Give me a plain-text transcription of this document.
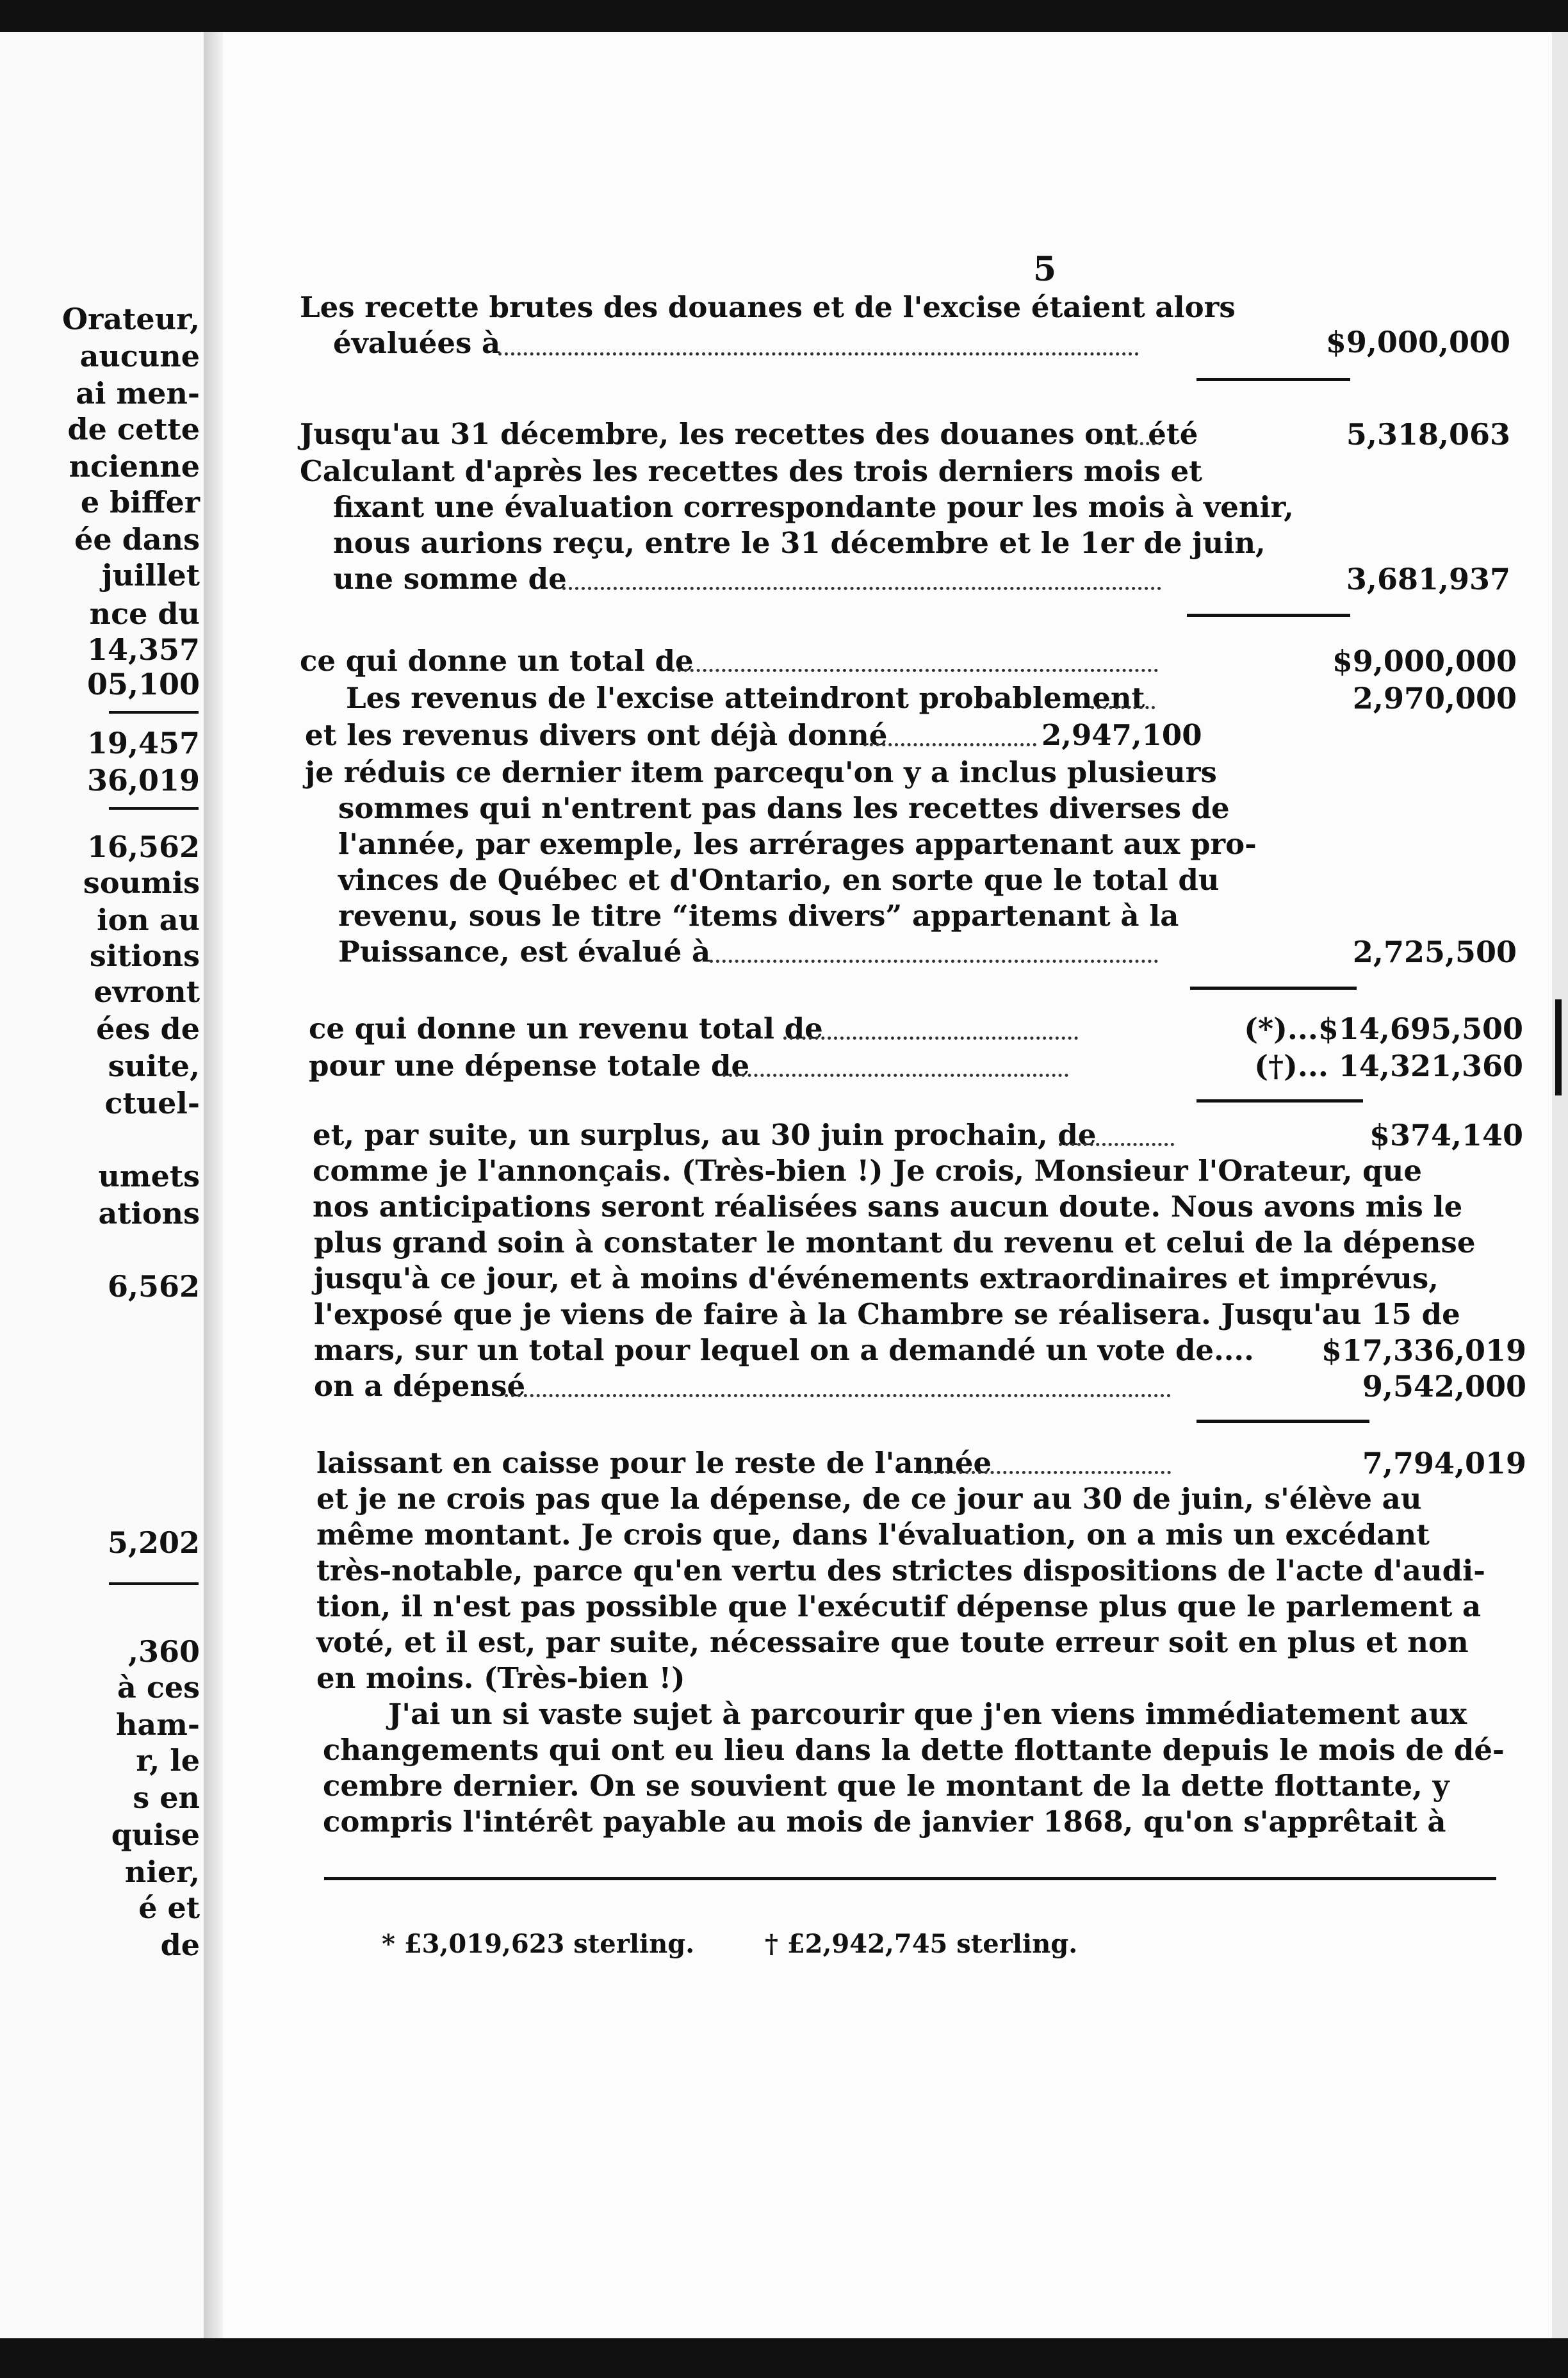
Orateur,
aucune
ai men-
de cette
ncienne
e biffer
ée dans
juillet
nce du
14,357
05,100
19,457
36,019
16,562
soumis
ion au
sitions
evront
ées de
suite,
ctuel-
umets
ations
6,562
5,202
,360
à ces
ham-
r, le
s en
quise
nier,
é et
de
5
Les recette brutes des douanes et de l'excise étaient alors
évaluées à	$9,000,000
Jusqu'au 31 décembre, les recettes des douanes ont été	5,318,063
Calculant d'après les recettes des trois derniers mois et
fixant une évaluation correspondante pour les mois à venir,
nous aurions reçu, entre le 31 décembre et le 1er de juin,
une somme de	3,681,937
ce qui donne un total de	$9,000,000
Les revenus de l'excise atteindront probablement	2,970,000
et les revenus divers ont déjà donné	2,947,100
je réduis ce dernier item parcequ'on y a inclus plusieurs
sommes qui n'entrent pas dans les recettes diverses de
l'année, par exemple, les arrérages appartenant aux pro-
vinces de Québec et d'Ontario, en sorte que le total du
revenu, sous le titre “items divers” appartenant à la
Puissance, est évalué à	2,725,500
ce qui donne un revenu total de	(*)...$14,695,500
pour une dépense totale de	(†)... 14,321,360
et, par suite, un surplus, au 30 juin prochain, de	$374,140
comme je l'annonçais. (Très-bien !) Je crois, Monsieur l'Orateur, que
nos anticipations seront réalisées sans aucun doute. Nous avons mis le
plus grand soin à constater le montant du revenu et celui de la dépense
jusqu'à ce jour, et à moins d'événements extraordinaires et imprévus,
l'exposé que je viens de faire à la Chambre se réalisera. Jusqu'au 15 de
mars, sur un total pour lequel on a demandé un vote de.... $17,336,019
on a dépensé	9,542,000
laissant en caisse pour le reste de l'année	7,794,019
et je ne crois pas que la dépense, de ce jour au 30 de juin, s'élève au
même montant. Je crois que, dans l'évaluation, on a mis un excédant
très-notable, parce qu'en vertu des strictes dispositions de l'acte d'audi-
tion, il n'est pas possible que l'exécutif dépense plus que le parlement a
voté, et il est, par suite, nécessaire que toute erreur soit en plus et non
en moins. (Très-bien !)
J'ai un si vaste sujet à parcourir que j'en viens immédiatement aux
changements qui ont eu lieu dans la dette flottante depuis le mois de dé-
cembre dernier. On se souvient que le montant de la dette flottante, y
compris l'intérêt payable au mois de janvier 1868, qu'on s'apprêtait à
* £3,019,623 sterling.	† £2,942,745 sterling.
